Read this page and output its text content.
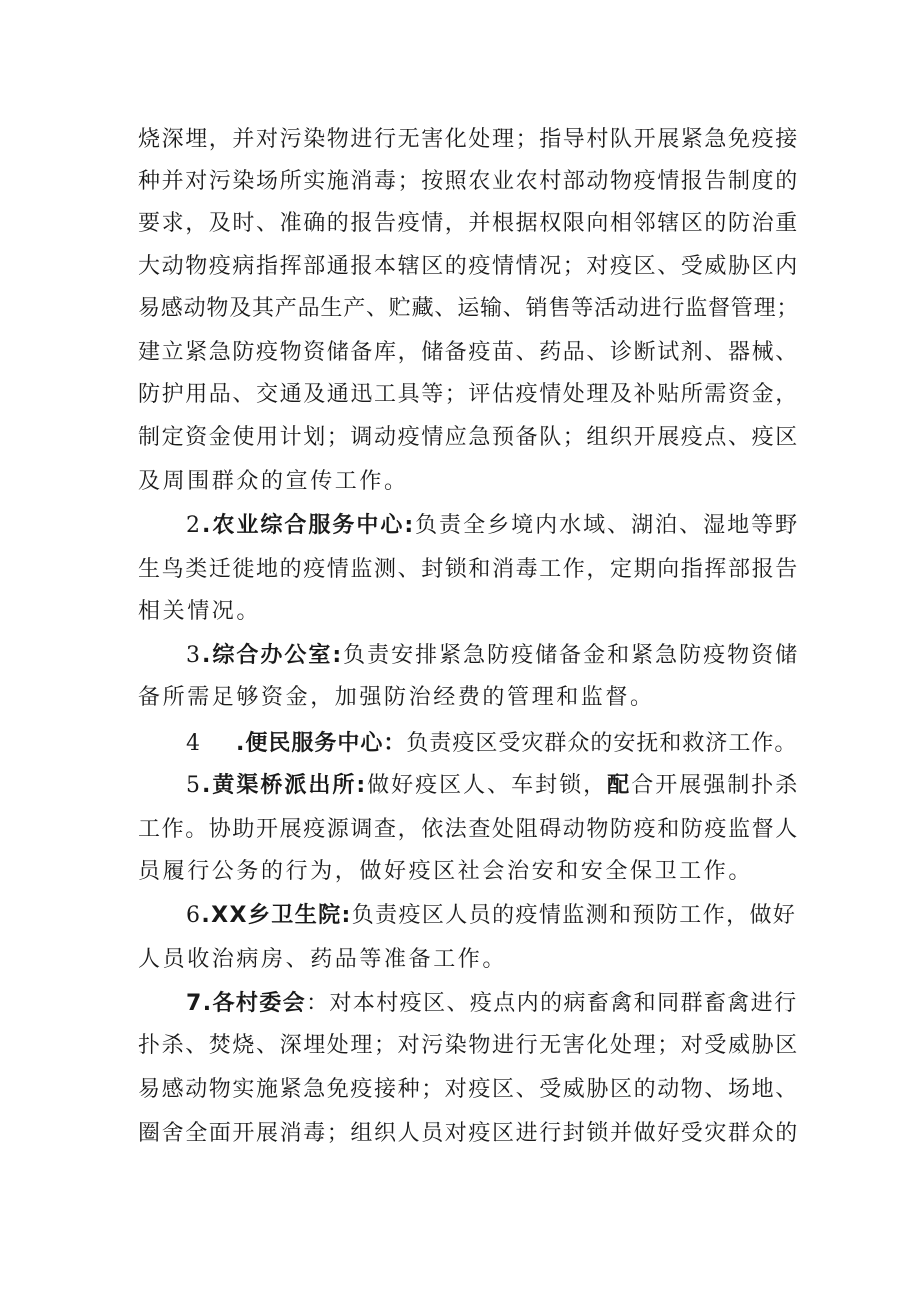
烧深埋，并对污染物进行无害化处理；指导村队开展紧急免疫接
种并对污染场所实施消毒；按照农业农村部动物疫情报告制度的
要求，及时、准确的报告疫情，并根据权限向相邻辖区的防治重
大动物疫病指挥部通报本辖区的疫情情况；对疫区、受威胁区内
易感动物及其产品生产、贮藏、运输、销售等活动进行监督管理；
建立紧急防疫物资储备库，储备疫苗、药品、诊断试剂、器械、
防护用品、交通及通迅工具等；评估疫情处理及补贴所需资金，
制定资金使用计划；调动疫情应急预备队；组织开展疫点、疫区
及周围群众的宣传工作。
2.农业综合服务中心:负责全乡境内水域、湖泊、湿地等野
生鸟类迁徙地的疫情监测、封锁和消毒工作，定期向指挥部报告
相关情况。
3.综合办公室:负责安排紧急防疫储备金和紧急防疫物资储
备所需足够资金，加强防治经费的管理和监督。
4 .便民服务中心：负责疫区受灾群众的安抚和救济工作。
5.黄渠桥派出所:做好疫区人、车封锁，配合开展强制扑杀
工作。协助开展疫源调查，依法查处阻碍动物防疫和防疫监督人
员履行公务的行为，做好疫区社会治安和安全保卫工作。
6.XX乡卫生院:负责疫区人员的疫情监测和预防工作，做好
人员收治病房、药品等准备工作。
7.各村委会：对本村疫区、疫点内的病畜禽和同群畜禽进行
扑杀、焚烧、深埋处理；对污染物进行无害化处理；对受威胁区
易感动物实施紧急免疫接种；对疫区、受威胁区的动物、场地、
圈舍全面开展消毒；组织人员对疫区进行封锁并做好受灾群众的
